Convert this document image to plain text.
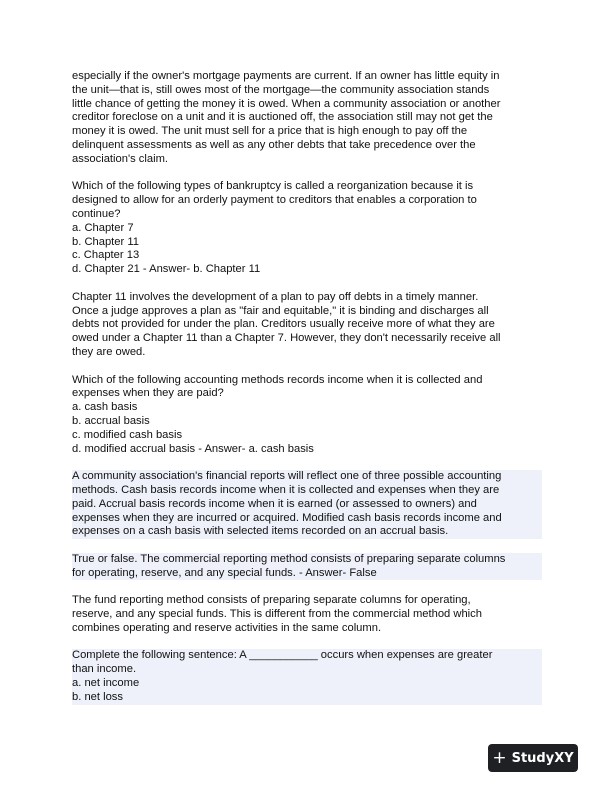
especially if the owner's mortgage payments are current. If an owner has little equity in
the unit—that is, still owes most of the mortgage—the community association stands
little chance of getting the money it is owed. When a community association or another
creditor foreclose on a unit and it is auctioned off, the association still may not get the
money it is owed. The unit must sell for a price that is high enough to pay off the
delinquent assessments as well as any other debts that take precedence over the
association's claim.
Which of the following types of bankruptcy is called a reorganization because it is
designed to allow for an orderly payment to creditors that enables a corporation to
continue?
a. Chapter 7
b. Chapter 11
c. Chapter 13
d. Chapter 21 - Answer- b. Chapter 11
Chapter 11 involves the development of a plan to pay off debts in a timely manner.
Once a judge approves a plan as "fair and equitable," it is binding and discharges all
debts not provided for under the plan. Creditors usually receive more of what they are
owed under a Chapter 11 than a Chapter 7. However, they don't necessarily receive all
they are owed.
Which of the following accounting methods records income when it is collected and
expenses when they are paid?
a. cash basis
b. accrual basis
c. modified cash basis
d. modified accrual basis - Answer- a. cash basis
A community association's financial reports will reflect one of three possible accounting
methods. Cash basis records income when it is collected and expenses when they are
paid. Accrual basis records income when it is earned (or assessed to owners) and
expenses when they are incurred or acquired. Modified cash basis records income and
expenses on a cash basis with selected items recorded on an accrual basis.
True or false. The commercial reporting method consists of preparing separate columns
for operating, reserve, and any special funds. - Answer- False
The fund reporting method consists of preparing separate columns for operating,
reserve, and any special funds. This is different from the commercial method which
combines operating and reserve activities in the same column.
Complete the following sentence: A ___________ occurs when expenses are greater
than income.
a. net income
b. net loss
+ StudyXY
